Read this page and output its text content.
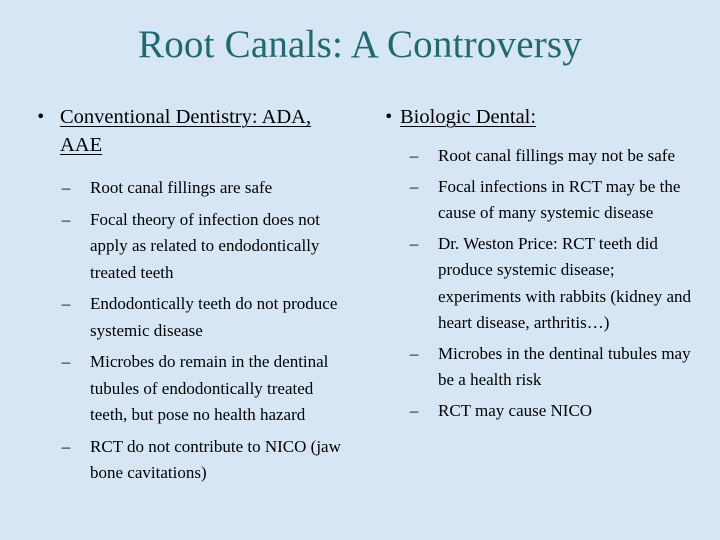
Root Canals: A Controversy
• Conventional Dentistry: ADA, AAE
–	Root canal fillings are safe
–	Focal theory of infection does not apply as related to endodontically treated teeth
–	Endodontically teeth do not produce systemic disease
–	Microbes do remain in the dentinal tubules of endodontically treated teeth, but pose no health hazard
–	RCT do not contribute to NICO (jaw bone cavitations)
• Biologic Dental:
–	Root canal fillings may not be safe
–	Focal infections in RCT may be the cause of many systemic disease
–	Dr. Weston Price: RCT teeth did produce systemic disease; experiments with rabbits (kidney and heart disease, arthritis…)
–	Microbes in the dentinal tubules may be a health risk
–	RCT may cause NICO
